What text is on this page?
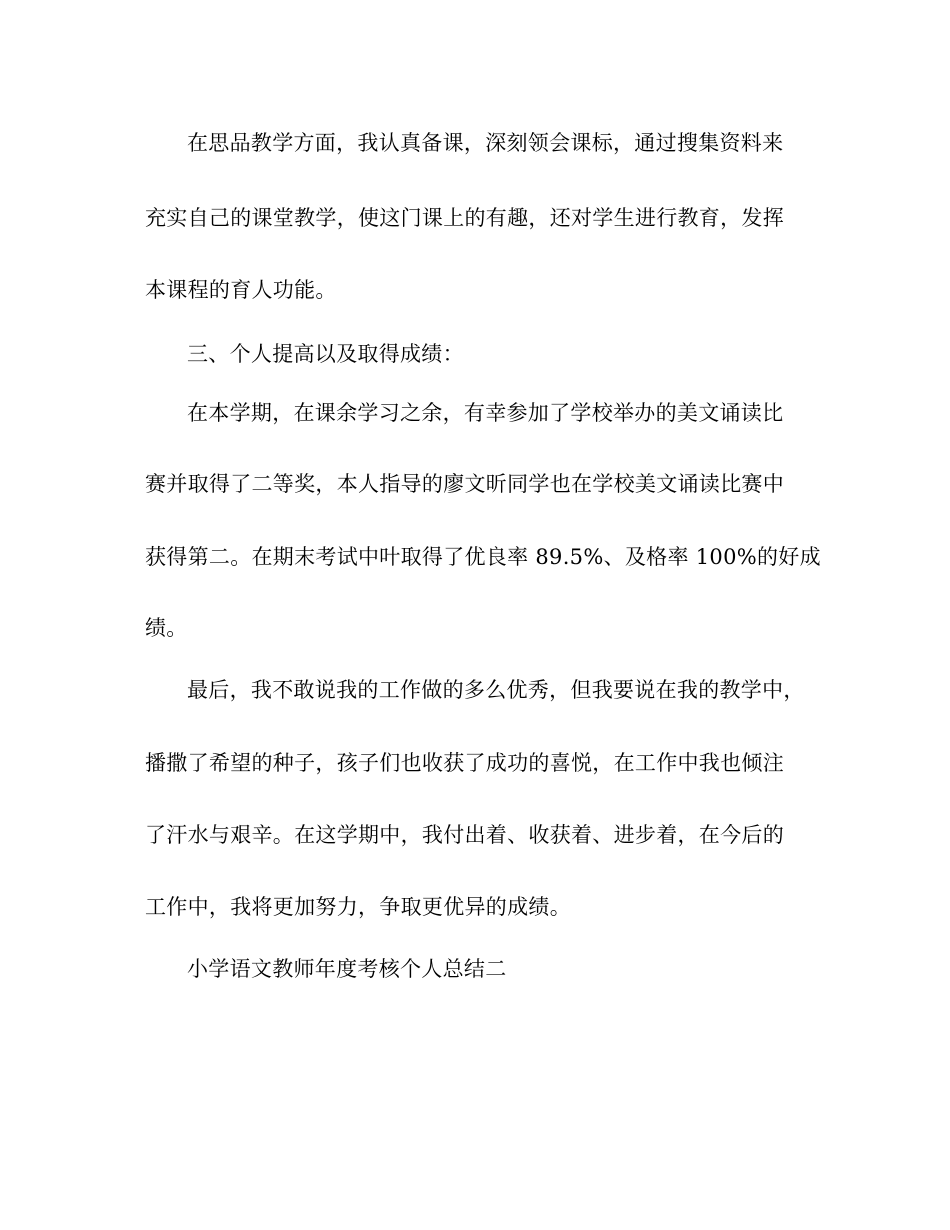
在思品教学方面，我认真备课，深刻领会课标，通过搜集资料来
充实自己的课堂教学，使这门课上的有趣，还对学生进行教育，发挥
本课程的育人功能。
三、个人提高以及取得成绩：
在本学期，在课余学习之余，有幸参加了学校举办的美文诵读比
赛并取得了二等奖，本人指导的廖文昕同学也在学校美文诵读比赛中
获得第二。在期末考试中叶取得了优良率 89.5%、及格率 100%的好成
绩。
最后，我不敢说我的工作做的多么优秀，但我要说在我的教学中，
播撒了希望的种子，孩子们也收获了成功的喜悦，在工作中我也倾注
了汗水与艰辛。在这学期中，我付出着、收获着、进步着，在今后的
工作中，我将更加努力，争取更优异的成绩。
小学语文教师年度考核个人总结二
